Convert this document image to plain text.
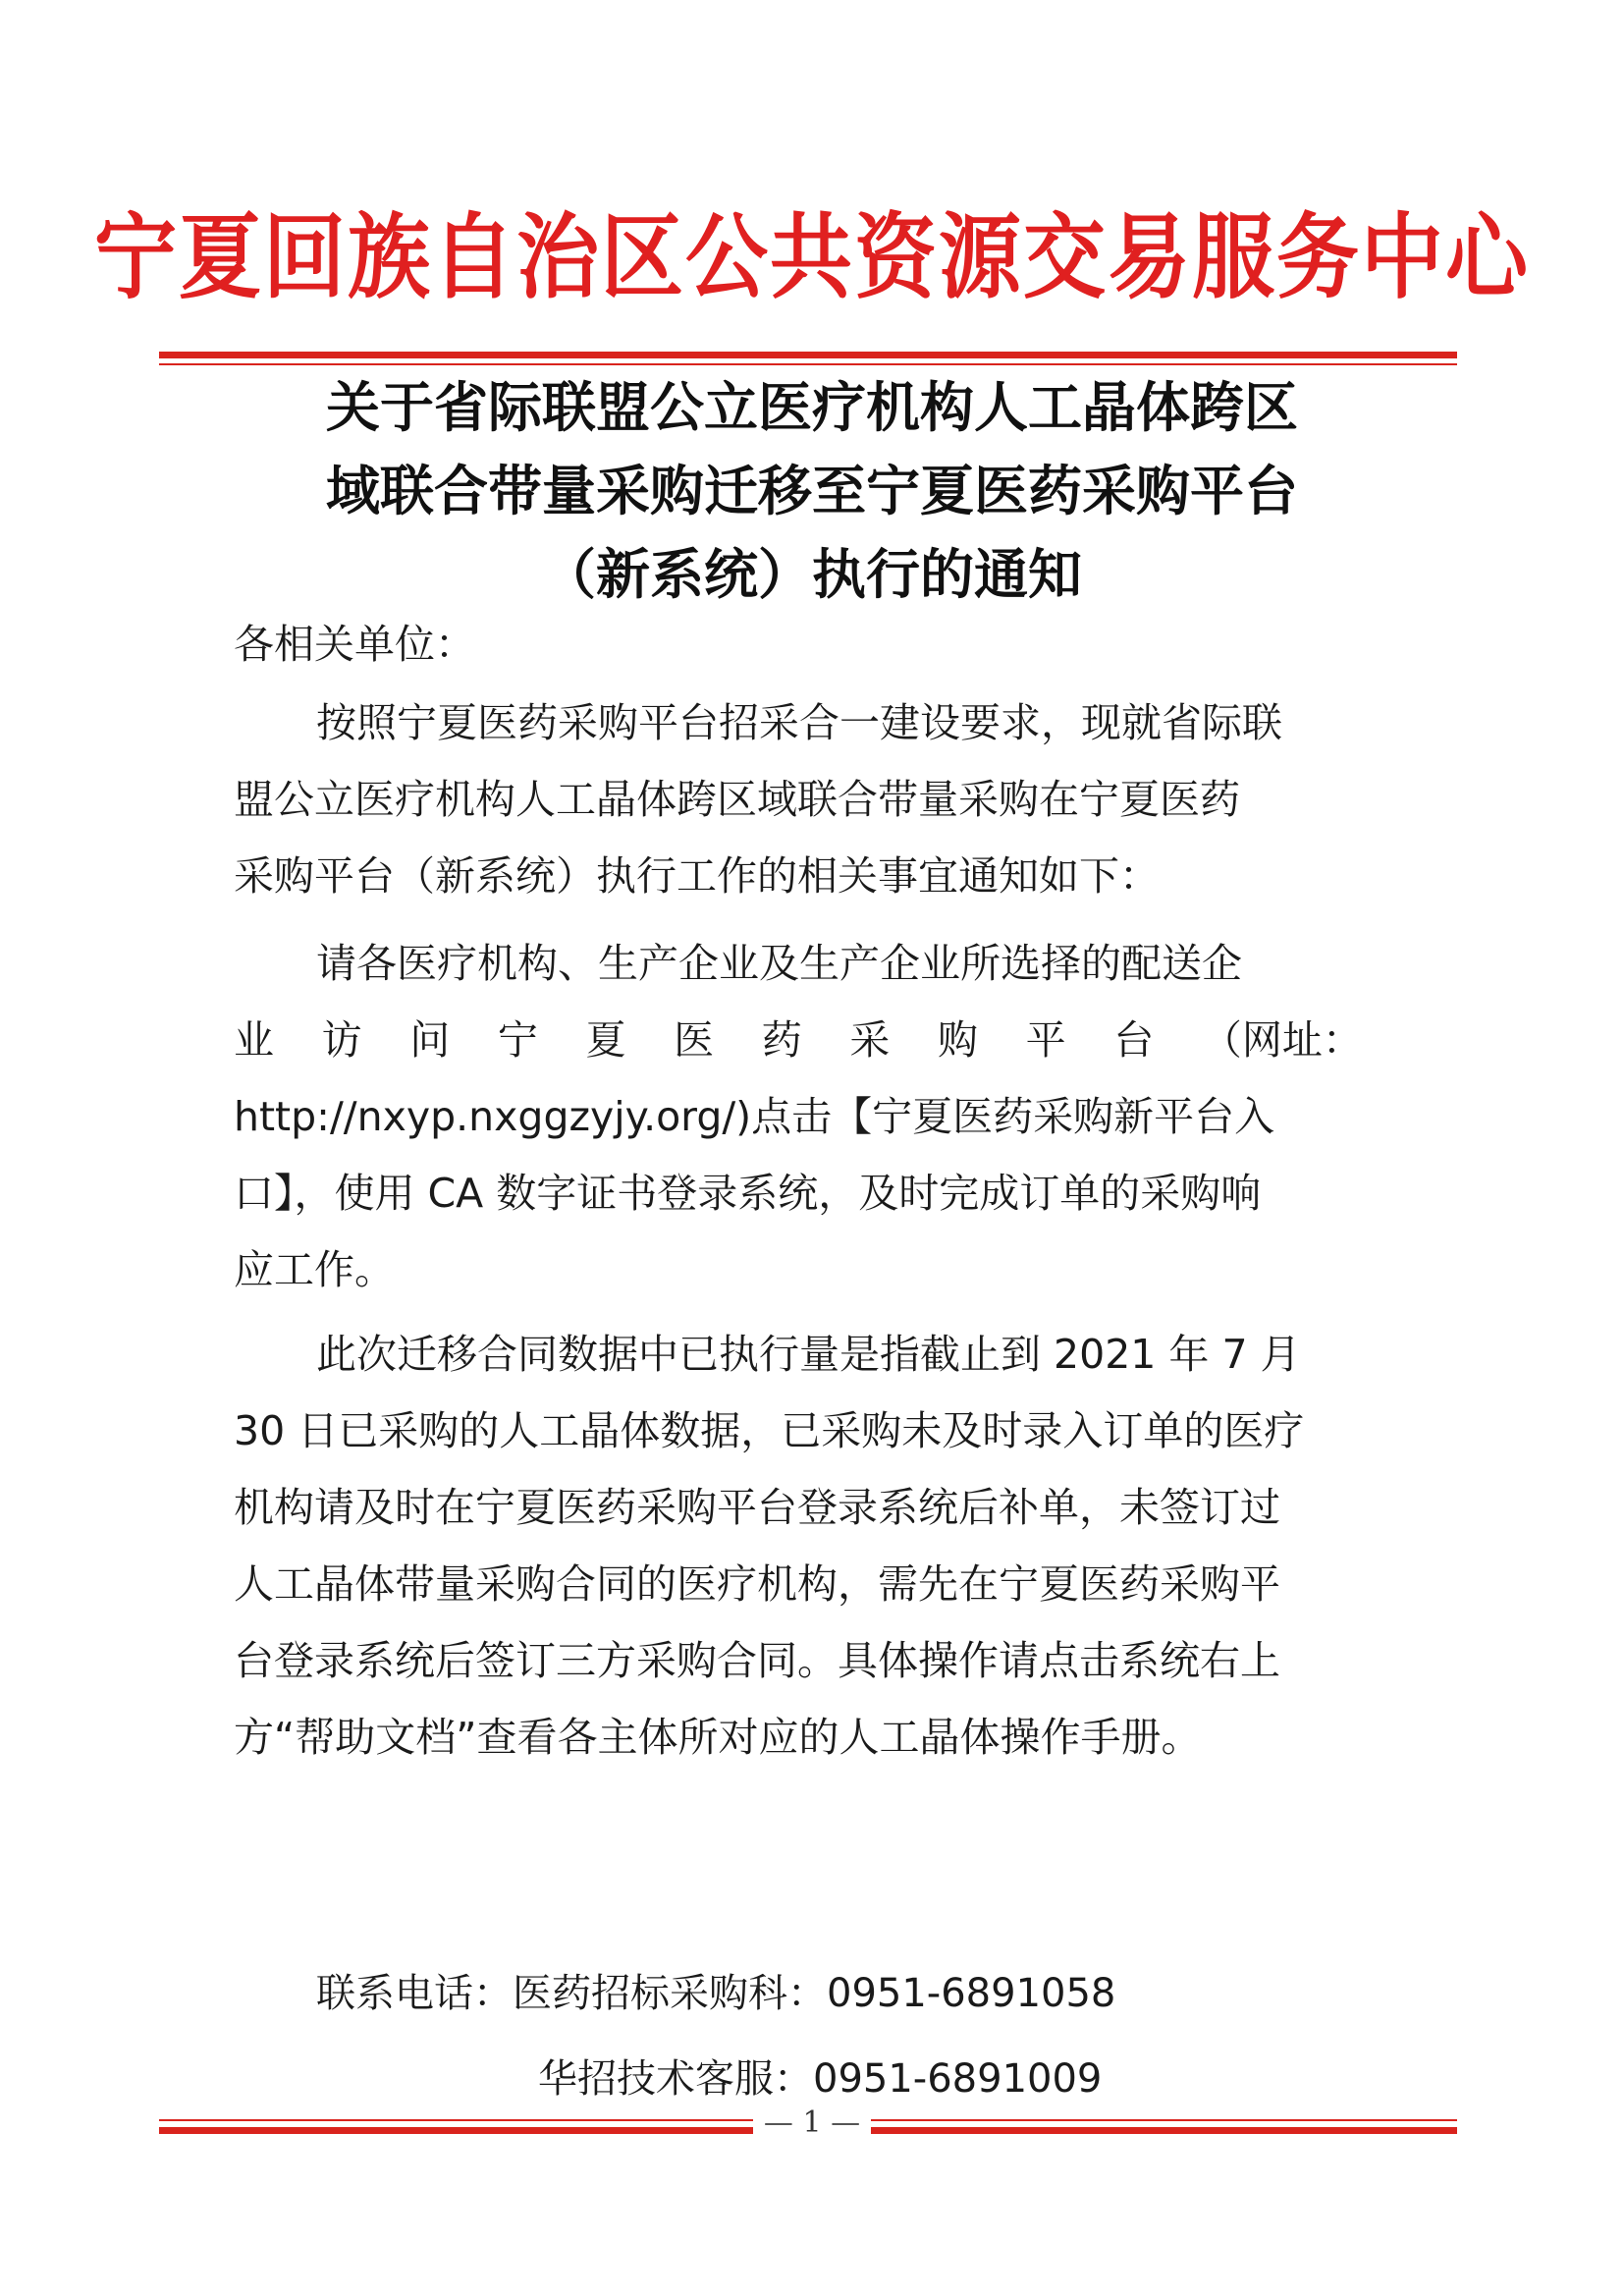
宁夏回族自治区公共资源交易服务中心
关于省际联盟公立医疗机构人工晶体跨区
域联合带量采购迁移至宁夏医药采购平台
（新系统）执行的通知
各相关单位：
按照宁夏医药采购平台招采合一建设要求，现就省际联
盟公立医疗机构人工晶体跨区域联合带量采购在宁夏医药
采购平台（新系统）执行工作的相关事宜通知如下：
请各医疗机构、生产企业及生产企业所选择的配送企
业 访 问 宁 夏 医 药 采 购 平 台 （网址：
http://nxyp.nxggzyjy.org/)点击【宁夏医药采购新平台入
口】，使用 CA 数字证书登录系统，及时完成订单的采购响
应工作。
此次迁移合同数据中已执行量是指截止到 2021 年 7 月
30 日已采购的人工晶体数据，已采购未及时录入订单的医疗
机构请及时在宁夏医药采购平台登录系统后补单，未签订过
人工晶体带量采购合同的医疗机构，需先在宁夏医药采购平
台登录系统后签订三方采购合同。具体操作请点击系统右上
方“帮助文档”查看各主体所对应的人工晶体操作手册。
联系电话：医药招标采购科：0951-6891058
华招技术客服：0951-6891009
— 1 —
